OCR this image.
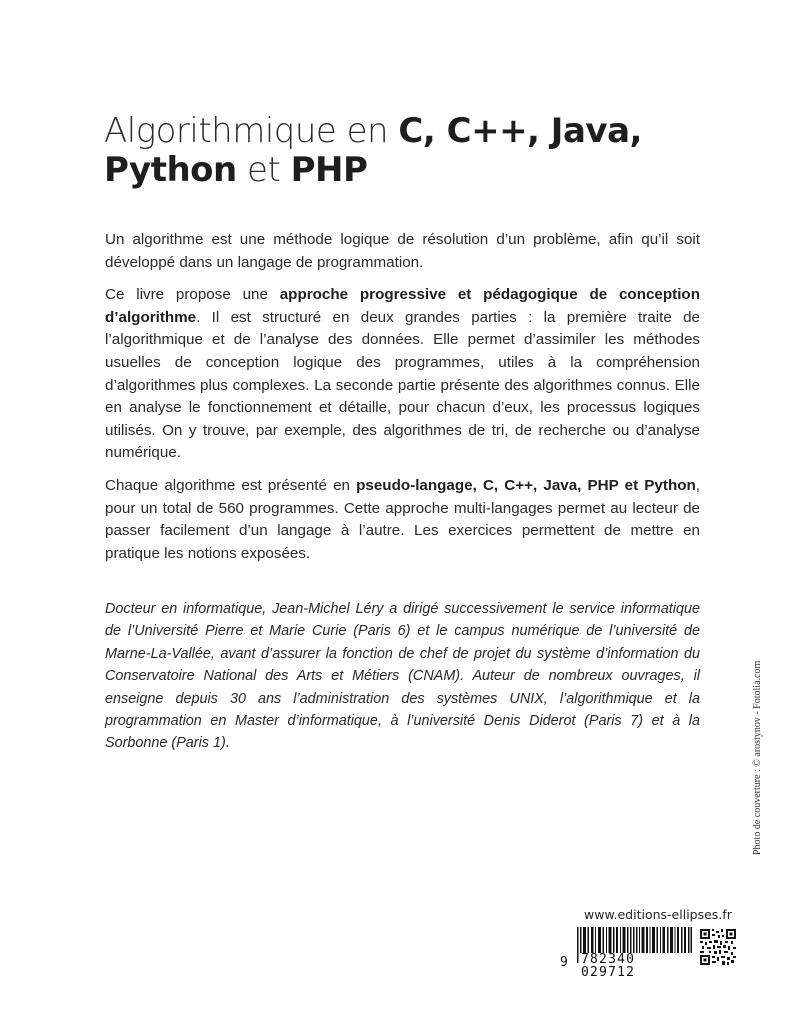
Algorithmique en C, C++, Java,
Python et PHP

Un algorithme est une méthode logique de résolution d’un problème, afin qu’il soit développé dans un langage de programmation.

Ce livre propose une approche progressive et pédagogique de conception d’algorithme. Il est structuré en deux grandes parties : la première traite de l’algorithmique et de l’analyse des données. Elle permet d’assimiler les méthodes usuelles de conception logique des programmes, utiles à la compréhension d’algorithmes plus complexes. La seconde partie présente des algorithmes connus. Elle en analyse le fonctionnement et détaille, pour chacun d’eux, les processus logiques utilisés. On y trouve, par exemple, des algorithmes de tri, de recherche ou d’analyse numérique.

Chaque algorithme est présenté en pseudo-langage, C, C++, Java, PHP et Python, pour un total de 560 programmes. Cette approche multi-langages permet au lecteur de passer facilement d’un langage à l’autre. Les exercices permettent de mettre en pratique les notions exposées.

Docteur en informatique, Jean-Michel Léry a dirigé successivement le service informatique de l’Université Pierre et Marie Curie (Paris 6) et le campus numérique de l’université de Marne-La-Vallée, avant d’assurer la fonction de chef de projet du système d’information du Conservatoire National des Arts et Métiers (CNAM). Auteur de nombreux ouvrages, il enseigne depuis 30 ans l’administration des systèmes UNIX, l’algorithmique et la programmation en Master d’informatique, à l’université Denis Diderot (Paris 7) et à la Sorbonne (Paris 1).	Photo de couverture : © arostynov - Fotolia.com
www.editions-ellipses.fr
9 782340 029712
